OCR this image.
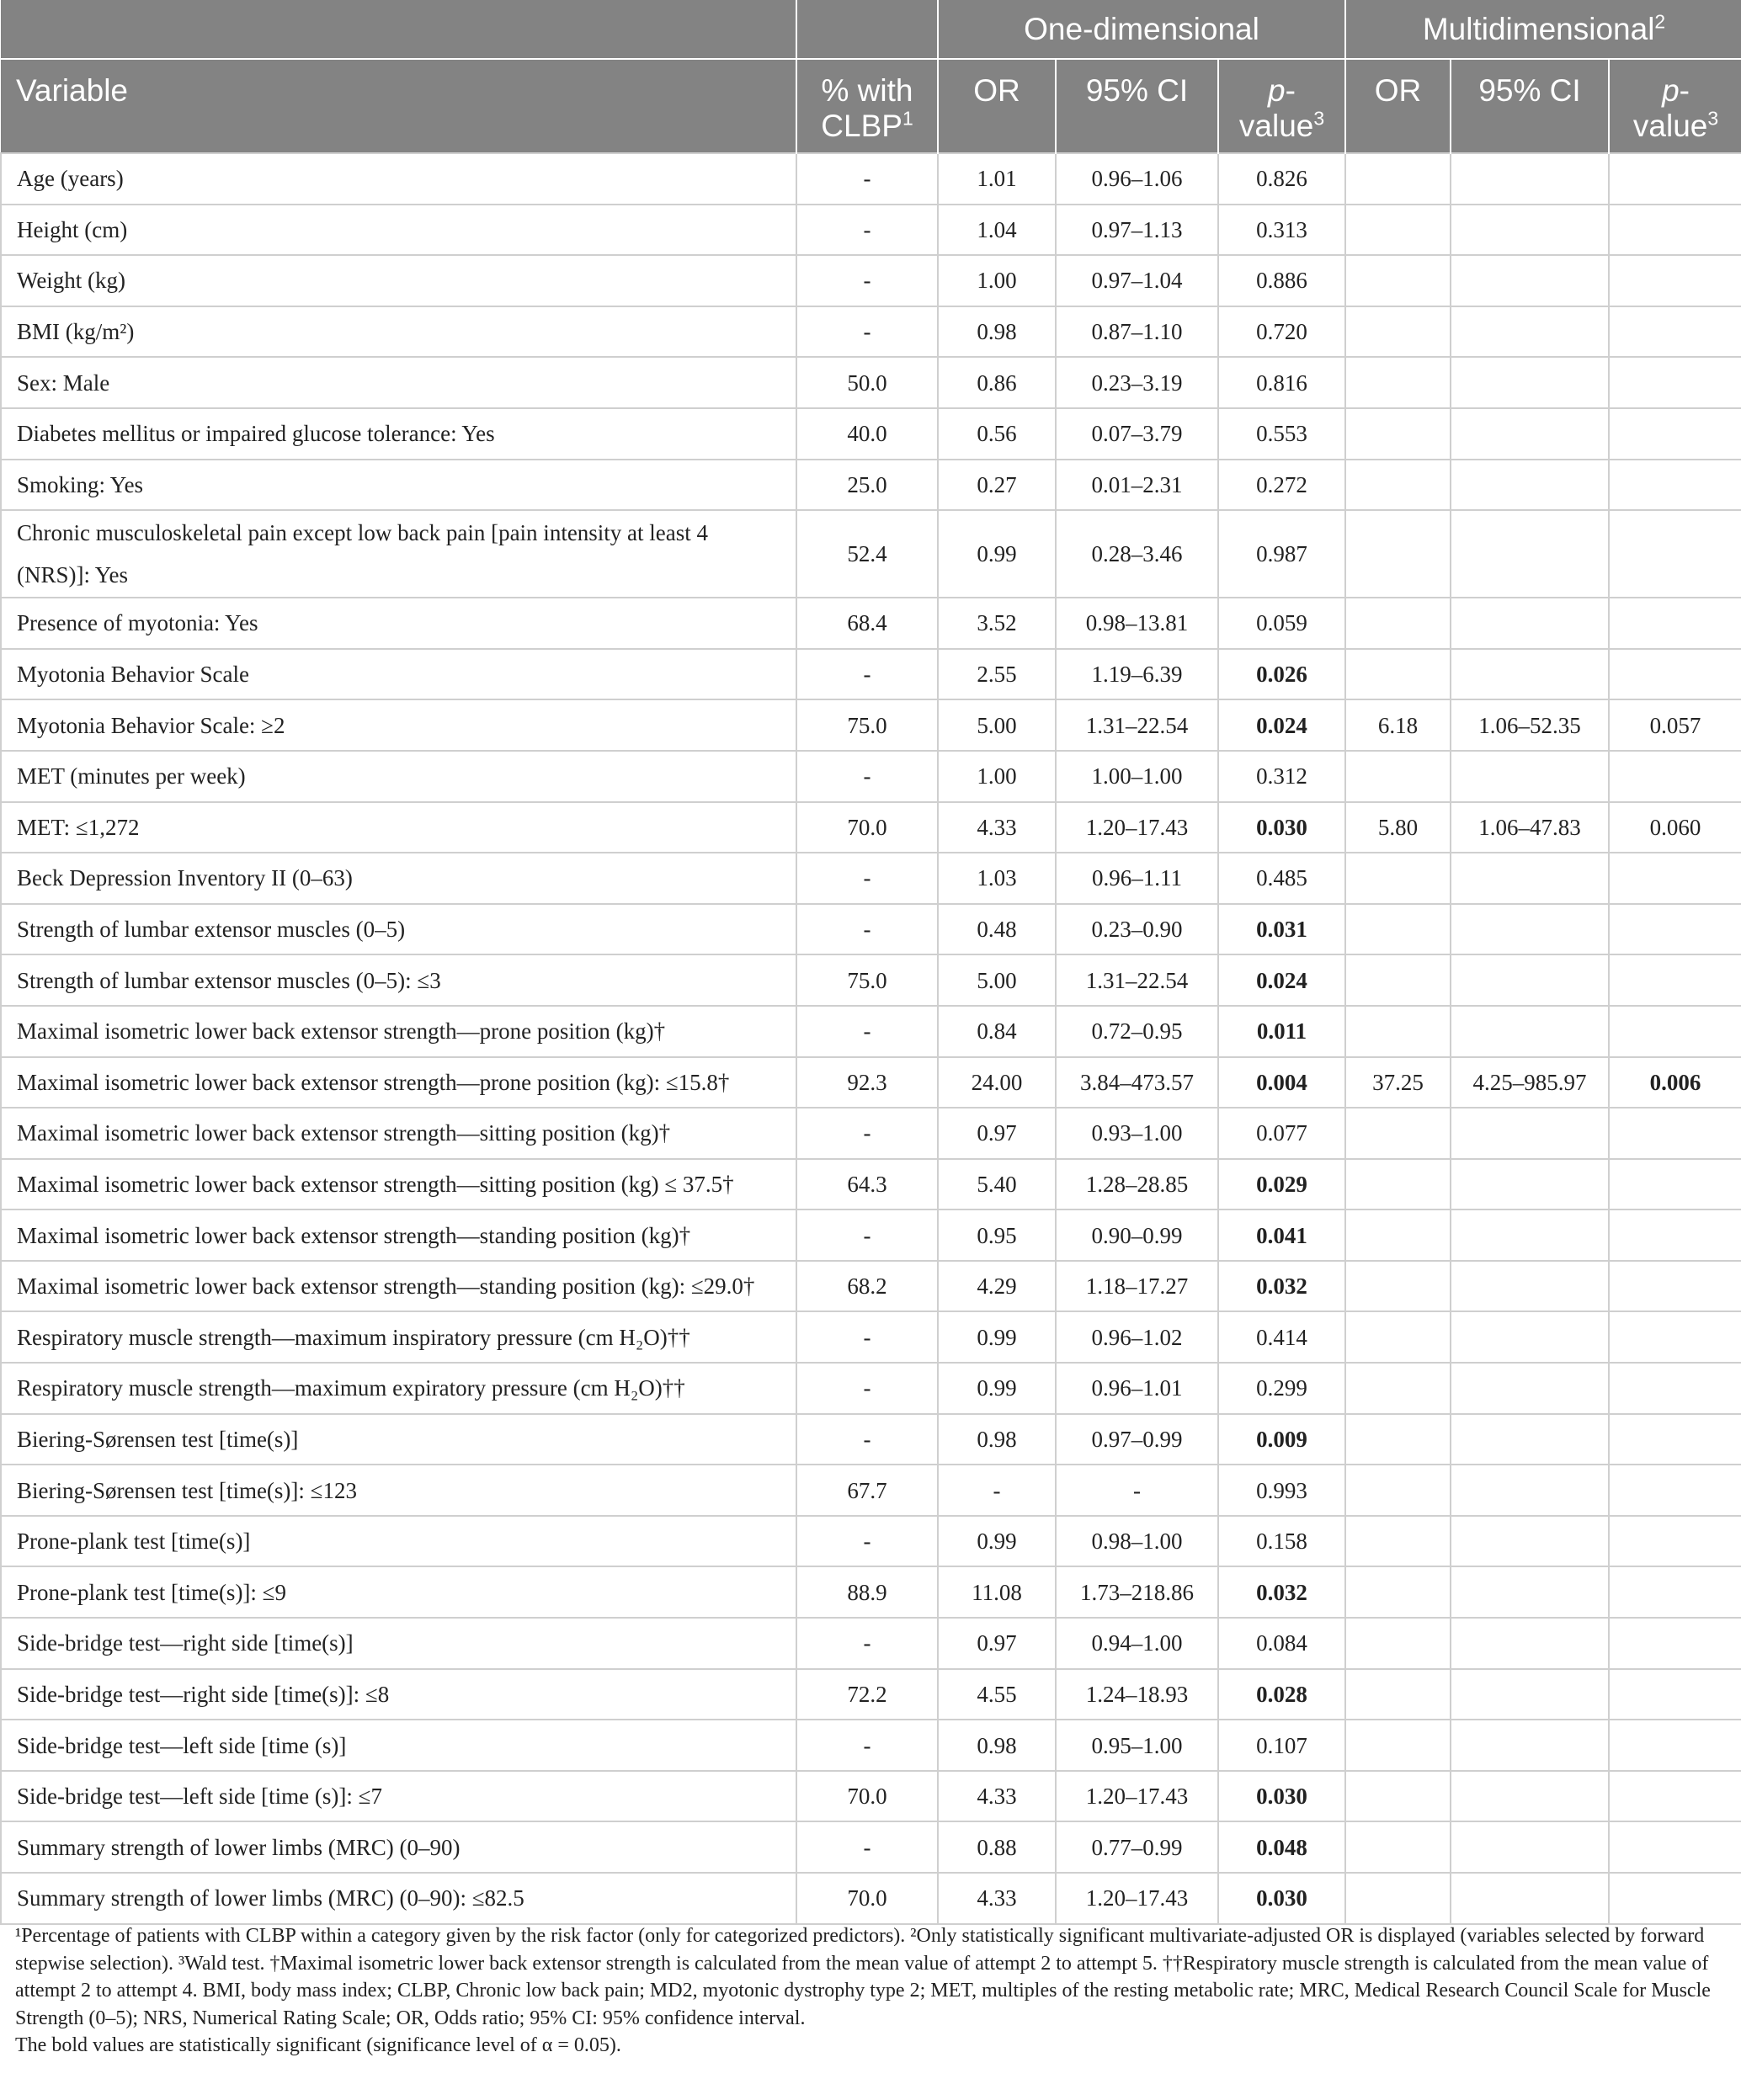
		One-dimensional			Multidimensional$^2$
Variable	% with CLBP$^1$	OR	95% CI	p-value$^3$	OR	95% CI	p-value$^3$
Age (years)	-	1.01	0.96–1.06	0.826			
Height (cm)	-	1.04	0.97–1.13	0.313			
Weight (kg)	-	1.00	0.97–1.04	0.886			
BMI (kg/m²)	-	0.98	0.87–1.10	0.720			
Sex: Male	50.0	0.86	0.23–3.19	0.816			
Diabetes mellitus or impaired glucose tolerance: Yes	40.0	0.56	0.07–3.79	0.553			
Smoking: Yes	25.0	0.27	0.01–2.31	0.272			
Chronic musculoskeletal pain except low back pain [pain intensity at least 4 (NRS)]: Yes	52.4	0.99	0.28–3.46	0.987			
Presence of myotonia: Yes	68.4	3.52	0.98–13.81	0.059			
Myotonia Behavior Scale	-	2.55	1.19–6.39	0.026			
Myotonia Behavior Scale: ≥2	75.0	5.00	1.31–22.54	0.024	6.18	1.06–52.35	0.057
MET (minutes per week)	-	1.00	1.00–1.00	0.312			
MET: ≤1,272	70.0	4.33	1.20–17.43	0.030	5.80	1.06–47.83	0.060
Beck Depression Inventory II (0–63)	-	1.03	0.96–1.11	0.485			
Strength of lumbar extensor muscles (0–5)	-	0.48	0.23–0.90	0.031			
Strength of lumbar extensor muscles (0–5): ≤3	75.0	5.00	1.31–22.54	0.024			
Maximal isometric lower back extensor strength—prone position (kg)†	-	0.84	0.72–0.95	0.011			
Maximal isometric lower back extensor strength—prone position (kg): ≤15.8†	92.3	24.00	3.84–473.57	0.004	37.25	4.25–985.97	0.006
Maximal isometric lower back extensor strength—sitting position (kg)†	-	0.97	0.93–1.00	0.077			
Maximal isometric lower back extensor strength—sitting position (kg) ≤ 37.5†	64.3	5.40	1.28–28.85	0.029			
Maximal isometric lower back extensor strength—standing position (kg)†	-	0.95	0.90–0.99	0.041			
Maximal isometric lower back extensor strength—standing position (kg): ≤29.0†	68.2	4.29	1.18–17.27	0.032			
Respiratory muscle strength—maximum inspiratory pressure (cm H₂O)††	-	0.99	0.96–1.02	0.414			
Respiratory muscle strength—maximum expiratory pressure (cm H₂O)††	-	0.99	0.96–1.01	0.299			
Biering-Sørensen test [time(s)]	-	0.98	0.97–0.99	0.009			
Biering-Sørensen test [time(s)]: ≤123	67.7	-	-	0.993			
Prone-plank test [time(s)]	-	0.99	0.98–1.00	0.158			
Prone-plank test [time(s)]: ≤9	88.9	11.08	1.73–218.86	0.032			
Side-bridge test—right side [time(s)]	-	0.97	0.94–1.00	0.084			
Side-bridge test—right side [time(s)]: ≤8	72.2	4.55	1.24–18.93	0.028			
Side-bridge test—left side [time (s)]	-	0.98	0.95–1.00	0.107			
Side-bridge test—left side [time (s)]: ≤7	70.0	4.33	1.20–17.43	0.030			
Summary strength of lower limbs (MRC) (0–90)	-	0.88	0.77–0.99	0.048			
Summary strength of lower limbs (MRC) (0–90): ≤82.5	70.0	4.33	1.20–17.43	0.030			

¹Percentage of patients with CLBP within a category given by the risk factor (only for categorized predictors). ²Only statistically significant multivariate-adjusted OR is displayed (variables selected by forward stepwise selection). ³Wald test. †Maximal isometric lower back extensor strength is calculated from the mean value of attempt 2 to attempt 5. ††Respiratory muscle strength is calculated from the mean value of attempt 2 to attempt 4. BMI, body mass index; CLBP, Chronic low back pain; MD2, myotonic dystrophy type 2; MET, multiples of the resting metabolic rate; MRC, Medical Research Council Scale for Muscle Strength (0–5); NRS, Numerical Rating Scale; OR, Odds ratio; 95% CI: 95% confidence interval.

The bold values are statistically significant (significance level of α = 0.05).
